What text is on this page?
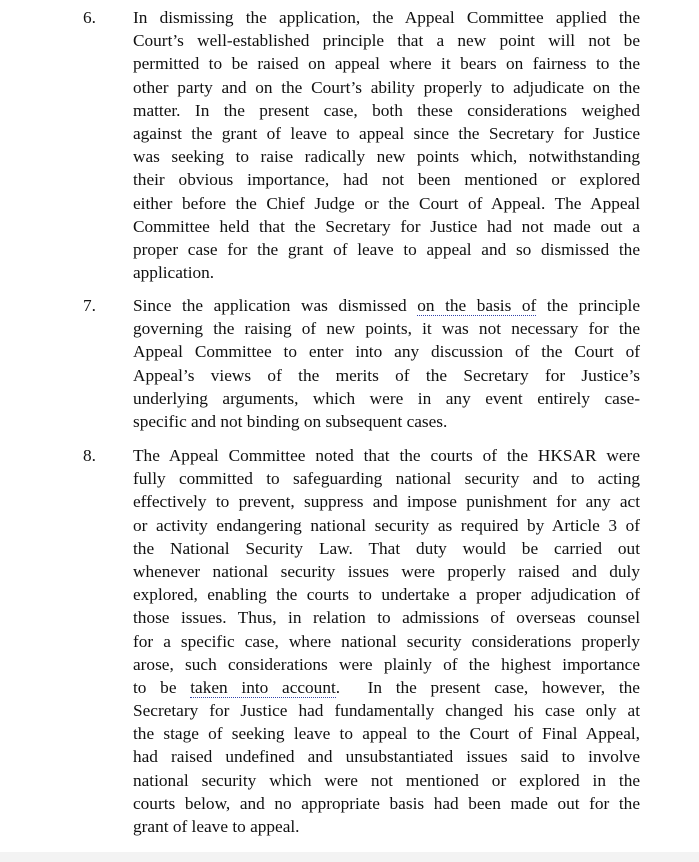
6.	In dismissing the application, the Appeal Committee applied the
Court’s well-established principle that a new point will not be
permitted to be raised on appeal where it bears on fairness to the
other party and on the Court’s ability properly to adjudicate on the
matter. In the present case, both these considerations weighed
against the grant of leave to appeal since the Secretary for Justice
was seeking to raise radically new points which, notwithstanding
their obvious importance, had not been mentioned or explored
either before the Chief Judge or the Court of Appeal. The Appeal
Committee held that the Secretary for Justice had not made out a
proper case for the grant of leave to appeal and so dismissed the
application.
7.	Since the application was dismissed on the basis of the principle
governing the raising of new points, it was not necessary for the
Appeal Committee to enter into any discussion of the Court of
Appeal’s views of the merits of the Secretary for Justice’s
underlying arguments, which were in any event entirely case-
specific and not binding on subsequent cases.
8.	The Appeal Committee noted that the courts of the HKSAR were
fully committed to safeguarding national security and to acting
effectively to prevent, suppress and impose punishment for any act
or activity endangering national security as required by Article 3 of
the National Security Law. That duty would be carried out
whenever national security issues were properly raised and duly
explored, enabling the courts to undertake a proper adjudication of
those issues. Thus, in relation to admissions of overseas counsel
for a specific case, where national security considerations properly
arose, such considerations were plainly of the highest importance
to be taken into account.  In the present case, however, the
Secretary for Justice had fundamentally changed his case only at
the stage of seeking leave to appeal to the Court of Final Appeal,
had raised undefined and unsubstantiated issues said to involve
national security which were not mentioned or explored in the
courts below, and no appropriate basis had been made out for the
grant of leave to appeal.
